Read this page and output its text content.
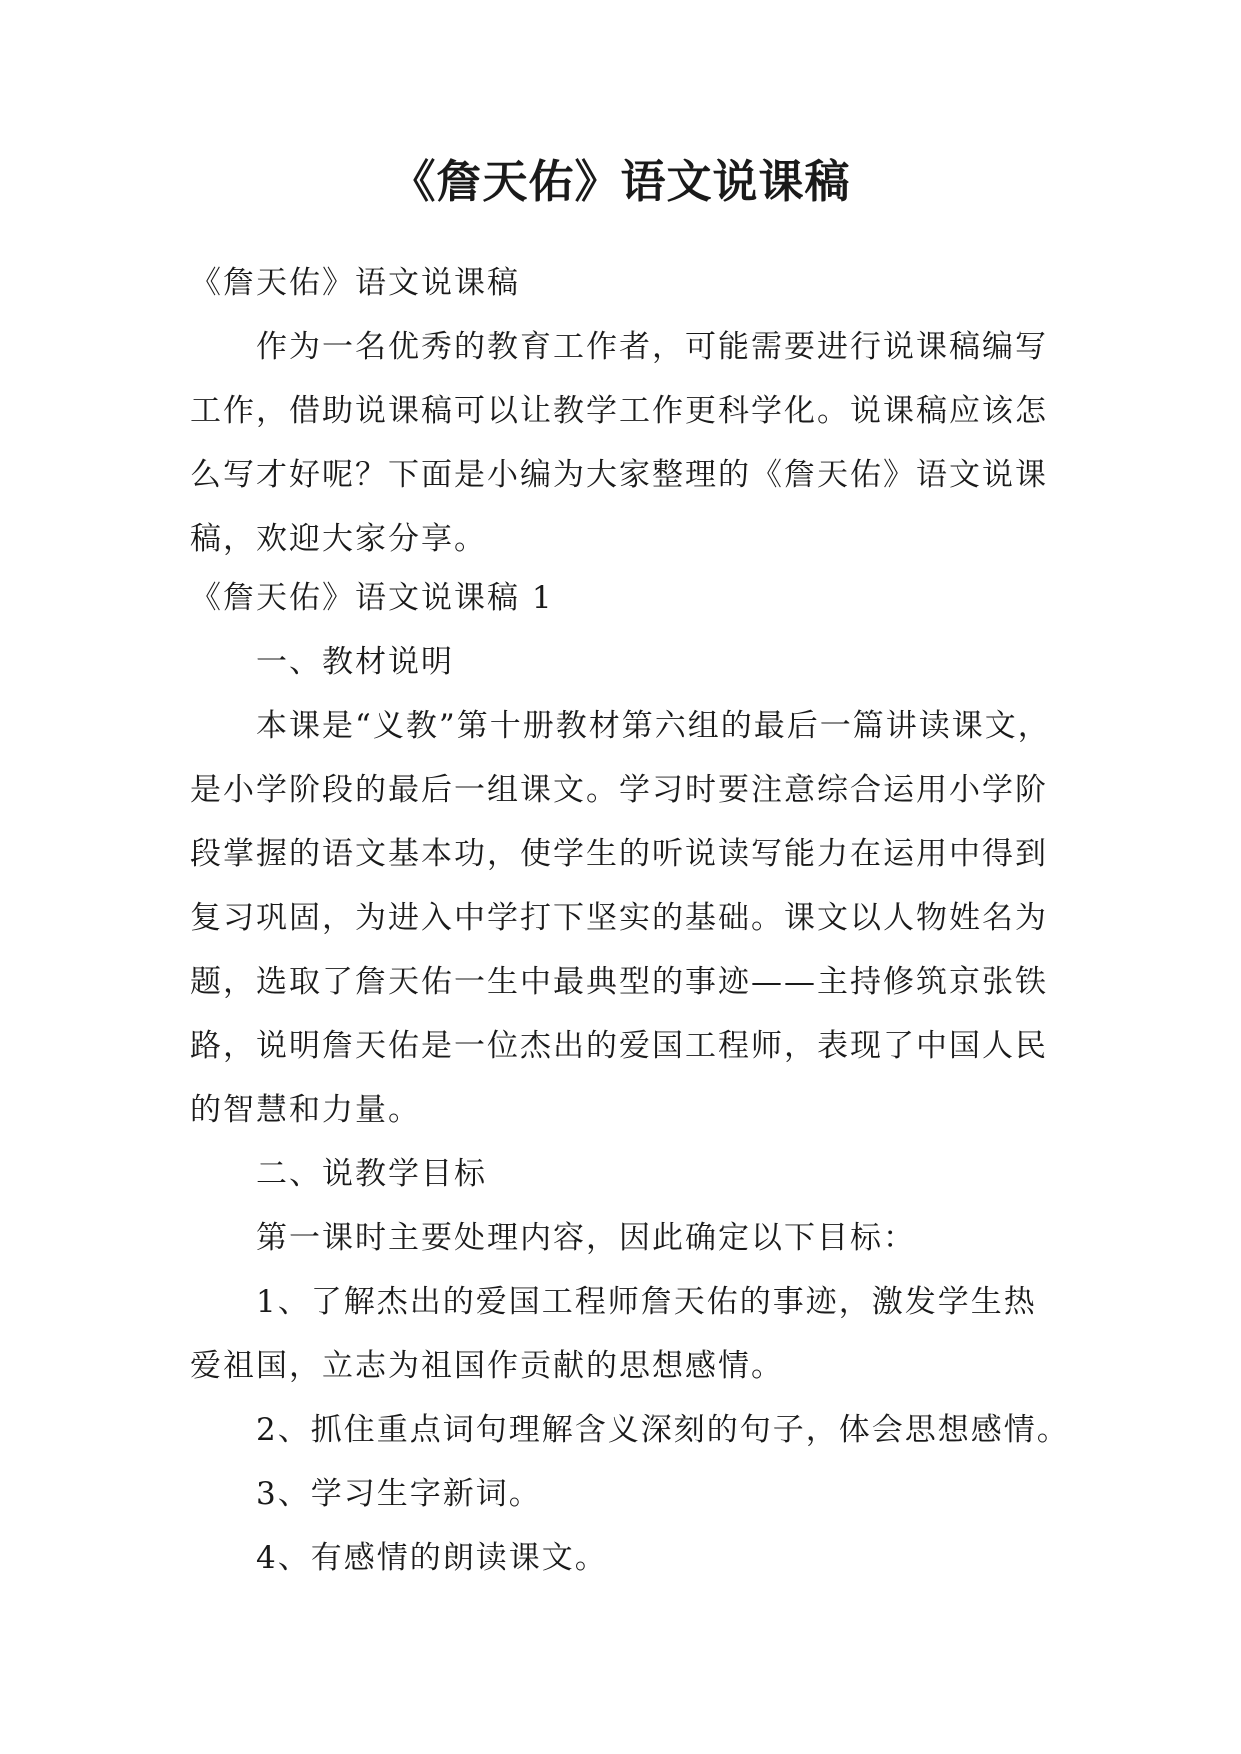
《詹天佑》语文说课稿
《詹天佑》语文说课稿
作为一名优秀的教育工作者，可能需要进行说课稿编写
工作，借助说课稿可以让教学工作更科学化。说课稿应该怎
么写才好呢？下面是小编为大家整理的《詹天佑》语文说课
稿，欢迎大家分享。
《詹天佑》语文说课稿 1
一、教材说明
本课是“义教”第十册教材第六组的最后一篇讲读课文，
是小学阶段的最后一组课文。学习时要注意综合运用小学阶
段掌握的语文基本功，使学生的听说读写能力在运用中得到
复习巩固，为进入中学打下坚实的基础。课文以人物姓名为
题，选取了詹天佑一生中最典型的事迹——主持修筑京张铁
路，说明詹天佑是一位杰出的爱国工程师，表现了中国人民
的智慧和力量。
二、说教学目标
第一课时主要处理内容，因此确定以下目标：
1、了解杰出的爱国工程师詹天佑的事迹，激发学生热
爱祖国，立志为祖国作贡献的思想感情。
2、抓住重点词句理解含义深刻的句子，体会思想感情。
3、学习生字新词。
4、有感情的朗读课文。
